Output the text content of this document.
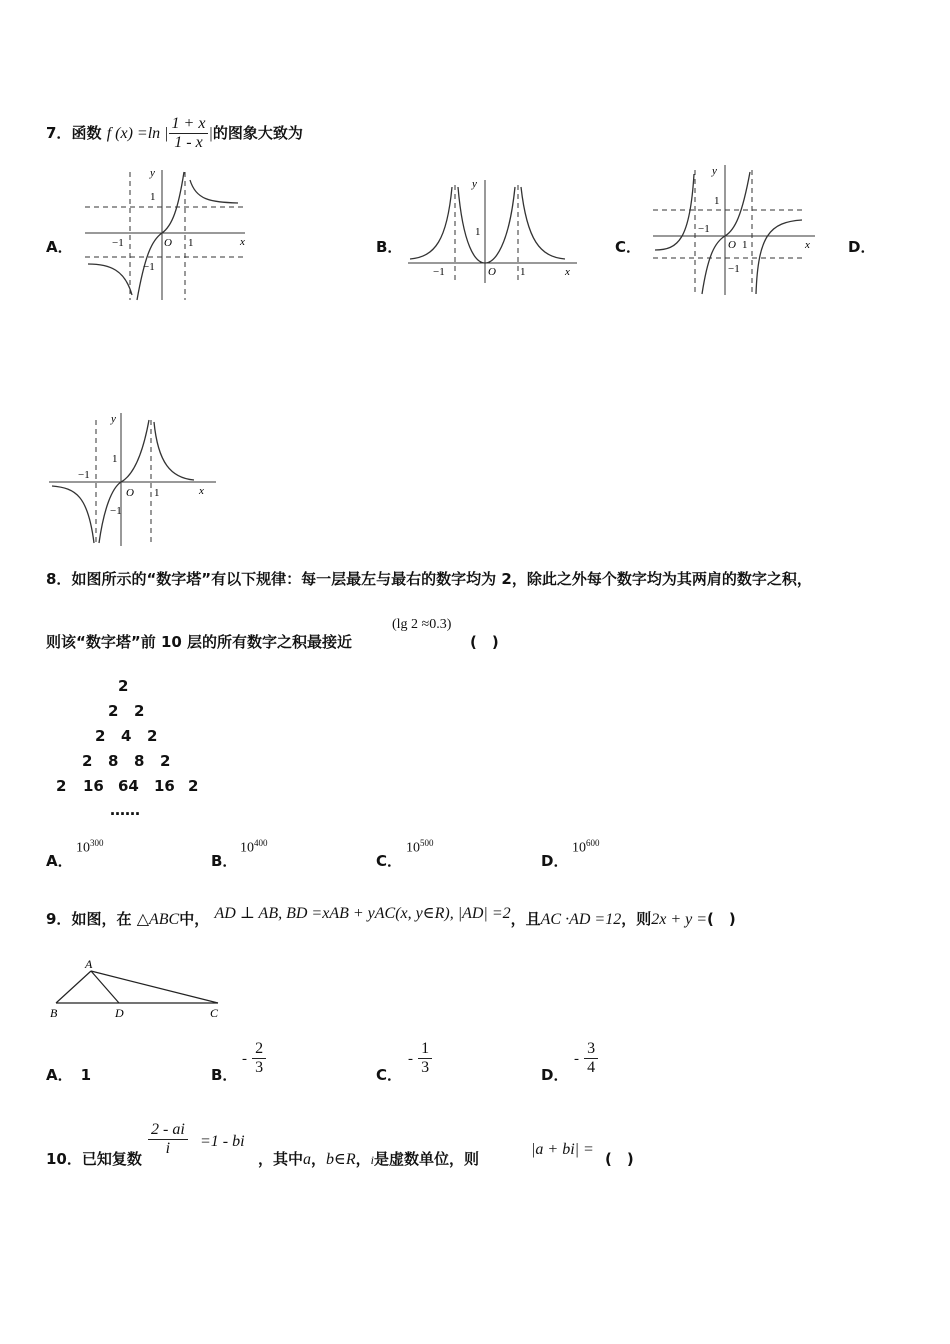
7．函数 f (x) =ln | $\frac{1 + x}{1 - x}$ |的图象大致为
A．	B．	C．	D．
y
1
x
O
−1	1
−1
y
1
x
O
−1	1
y
1
x
O
−1
1
−1
y
1
x
O
−1
1
−1
8．如图所示的“数字塔”有以下规律：每一层最左与最右的数字均为 2，除此之外每个数字均为其两肩的数字之积，
(lg 2 ≈0.3)
则该“数字塔”前 10 层的所有数字之积最接近	(　)
2
2 2
2 4 2
2 8 8 2
2 16 64 16 2
……
A．
$10^{300}$
B．
$10^{400}$
C．
$10^{500}$
D．
$10^{600}$
9．如图，在 △ABC中， AD ⊥ AB, BD =xAB + yAC(x, y∈R), |AD| =2，且AC ·AD =12，则2x + y =(　)
A
B	D	C
A． 1	B．
- $\frac{2}{3}$	C．
- $\frac{1}{3}$	D．
- $\frac{3}{4}$
10．已知复数
$\frac{2 - ai}{i} =1$ - bi
，其中a，b∈R，i是虚数单位，则
|a + bi| =
(　)
